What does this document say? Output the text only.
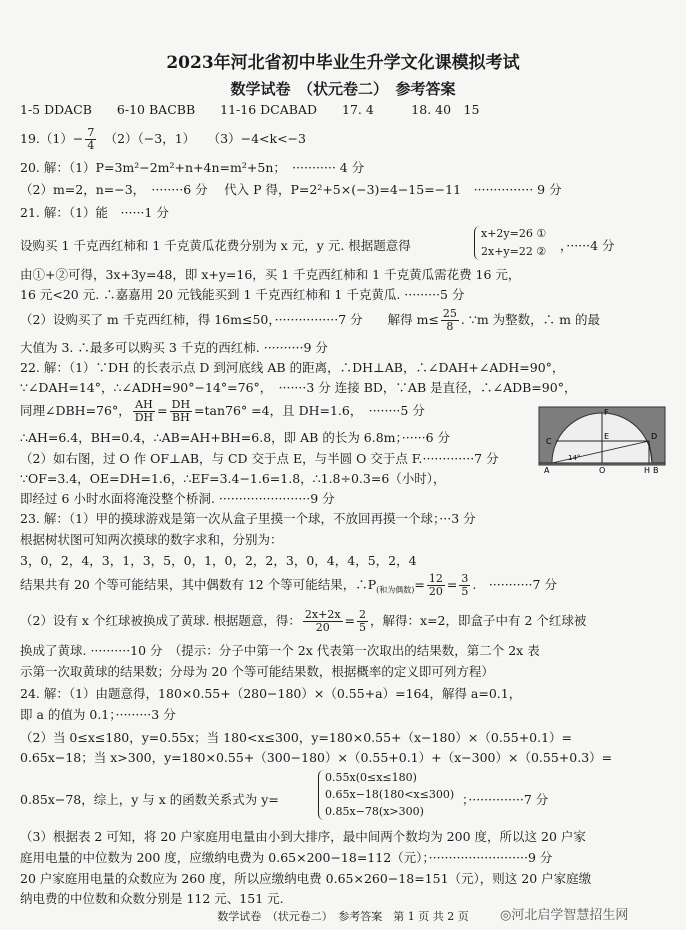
2023年河北省初中毕业生升学文化课模拟考试
数学试卷　（状元卷二）　参考答案
1-5 DDACB　　6-10 BACBB　　11-16 DCABAD　　17. 4　　　18. 40　15
$19.(1)- \frac{7}{4}$ 　（2）（−3，1）　　（3）−4<k<−3
20. 解：（1）P=3m²−2m²+n+4n=m²+5n；　··········· 4 分
（2）m=2，n=−3，　········6 分　 代入 P 得，P=2²+5×(−3)=4−15=−11　··············· 9 分
21. 解：（1）能　······1 分
设购买 1 千克西红柿和 1 千克黄瓜花费分别为 x 元，y 元. 根据题意得
x+2y=26 ①
2x+y=22 ② ，······4 分
由①+②可得，3x+3y=48，即 x+y=16，买 1 千克西红柿和 1 千克黄瓜需花费 16 元，
16 元<20 元. ∴嘉嘉用 20 元钱能买到 1 千克西红柿和 1 千克黄瓜. ·········5 分
（2）设购买了 m 千克西红柿，得 16m≤50，················7 分　　解得 $m\le \frac{25}{8}$ . ∵m 为整数，∴ m 的最
大值为 3. ∴最多可以购买 3 千克的西红柿. ··········9 分
22. 解：（1）∵DH 的长表示点 D 到河底线 AB 的距离，∴DH⊥AB，∴∠DAH+∠ADH=90°，
∵∠DAH=14°，∴∠ADH=90°−14°=76°，　·······3 分 连接 BD，∵AB 是直径，∴∠ADB=90°，
同理∠DBH=76°， $\frac{AH}{DH} = \frac{DH}{BH} =\tan 76^\circ =4$，且 DH=1.6，　········5 分
∴AH=6.4，BH=0.4，∴AB=AH+BH=6.8，即 AB 的长为 6.8m；······6 分
（2）如右图，过 O 作 OF⊥AB，与 CD 交于点 E，与半圆 O 交于点 F.·············7 分
∵OF=3.4，OE=DH=1.6，∴EF=3.4−1.6=1.8，∴1.8÷0.3=6（小时），
即经过 6 小时水面将淹没整个桥洞. ·······················9 分
F
C
E	D
14°
A	O	H B
23. 解：（1）甲的摸球游戏是第一次从盒子里摸一个球，不放回再摸一个球；···3 分
根据树状图可知两次摸球的数字求和，分别为：
3，0，2，4，3，1，3，5，0，1，0，2，2，3，0，4，4，5，2，4
结果共有 20 个等可能结果，其中偶数有 12 个等可能结果，$\therefore P_{(和为偶数)}= \frac{12}{20} = \frac{3}{5}$ .　···········7 分
（2）设有 x 个红球被换成了黄球. 根据题意，得： $\frac{2x+2x}{20} = \frac{2}{5}$ ，解得：x=2，即盒子中有 2 个红球被
换成了黄球. ··········10 分　（提示：分子中第一个 2x 代表第一次取出的结果数，第二个 2x 表
示第一次取黄球的结果数；分母为 20 个等可能结果数，根据概率的定义即可列方程）
24. 解：（1）由题意得，180×0.55+（280−180）×（0.55+a）=164，解得 a=0.1，
即 a 的值为 0.1；·········3 分
（2）当 0≤x≤180，y=0.55x；当 180<x≤300，y=180×0.55+（x−180）×（0.55+0.1）=
0.65x−18；当 x>300，y=180×0.55+（300−180）×（0.55+0.1）+（x−300）×（0.55+0.3）=
0.85x−78，综上，y 与 x 的函数关系式为 y=
0.55x(0≤x≤180)
0.65x−18(180<x≤300)
0.85x−78(x>300)
；··············7 分
（3）根据表 2 可知，将 20 户家庭用电量由小到大排序，最中间两个数均为 200 度，所以这 20 户家
庭用电量的中位数为 200 度，应缴纳电费为 0.65×200−18=112（元）；·························9 分
20 户家庭用电量的众数应为 260 度，所以应缴纳电费 0.65×260−18=151（元），则这 20 户家庭缴
纳电费的中位数和众数分别是 112 元、151 元.
数学试卷　（状元卷二）　参考答案　第 1 页 共 2 页	◎河北启学智慧招生网
